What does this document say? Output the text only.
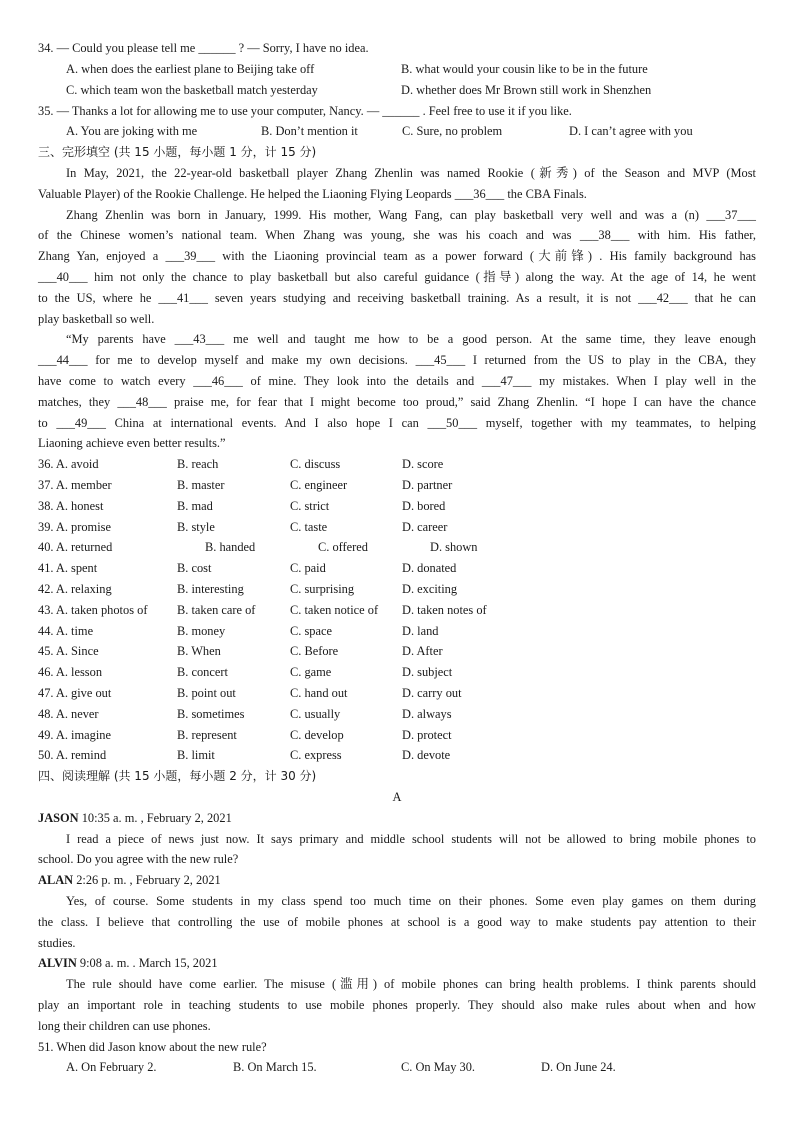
34. — Could you please tell me ______ ? — Sorry, I have no idea.
A. when does the earliest plane to Beijing take off	B. what would your cousin like to be in the future
C. which team won the basketball match yesterday	D. whether does Mr Brown still work in Shenzhen
35. — Thanks a lot for allowing me to use your computer, Nancy. — ______ . Feel free to use it if you like.
A. You are joking with me	B. Don’t mention it	C. Sure, no problem	D. I can’t agree with you
三、完形填空 (共 15 小题，每小题 1 分，计 15 分)
In May, 2021, the 22-year-old basketball player Zhang Zhenlin was named Rookie (新秀) of the Season and MVP (Most
Valuable Player) of the Rookie Challenge. He helped the Liaoning Flying Leopards ___36___ the CBA Finals.
Zhang Zhenlin was born in January, 1999. His mother, Wang Fang, can play basketball very well and was a (n) ___37___
of the Chinese women’s national team. When Zhang was young, she was his coach and was ___38___ with him. His father,
Zhang Yan, enjoyed a ___39___ with the Liaoning provincial team as a power forward (大前锋) . His family background has
___40___ him not only the chance to play basketball but also careful guidance (指导) along the way. At the age of 14, he went
to the US, where he ___41___ seven years studying and receiving basketball training. As a result, it is not ___42___ that he can
play basketball so well.
“My parents have ___43___ me well and taught me how to be a good person. At the same time, they leave enough
___44___ for me to develop myself and make my own decisions. ___45___ I returned from the US to play in the CBA, they
have come to watch every ___46___ of mine. They look into the details and ___47___ my mistakes. When I play well in the
matches, they ___48___ praise me, for fear that I might become too proud,” said Zhang Zhenlin. “I hope I can have the chance
to ___49___ China at international events. And I also hope I can ___50___ myself, together with my teammates, to helping
Liaoning achieve even better results.”
36. A. avoid	B. reach	C. discuss	D. score
37. A. member	B. master	C. engineer	D. partner
38. A. honest	B. mad	C. strict	D. bored
39. A. promise	B. style	C. taste	D. career
40. A. returned	B. handed	C. offered	D. shown
41. A. spent	B. cost	C. paid	D. donated
42. A. relaxing	B. interesting	C. surprising	D. exciting
43. A. taken photos of B. taken care of	C. taken notice of D. taken notes of
44. A. time	B. money	C. space	D. land
45. A. Since	B. When	C. Before	D. After
46. A. lesson	B. concert	C. game	D. subject
47. A. give out	B. point out	C. hand out	D. carry out
48. A. never	B. sometimes	C. usually	D. always
49. A. imagine	B. represent	C. develop	D. protect
50. A. remind	B. limit	C. express	D. devote
四、阅读理解 (共 15 小题，每小题 2 分，计 30 分)
A
JASON 10:35 a. m. , February 2, 2021
I read a piece of news just now. It says primary and middle school students will not be allowed to bring mobile phones to
school. Do you agree with the new rule?
ALAN 2:26 p. m. , February 2, 2021
Yes, of course. Some students in my class spend too much time on their phones. Some even play games on them during
the class. I believe that controlling the use of mobile phones at school is a good way to make students pay attention to their
studies.
ALVIN 9:08 a. m. . March 15, 2021
The rule should have come earlier. The misuse (滥用) of mobile phones can bring health problems. I think parents should
play an important role in teaching students to use mobile phones properly. They should also make rules about when and how
long their children can use phones.
51. When did Jason know about the new rule?
A. On February 2.	B. On March 15.	C. On May 30.	D. On June 24.
